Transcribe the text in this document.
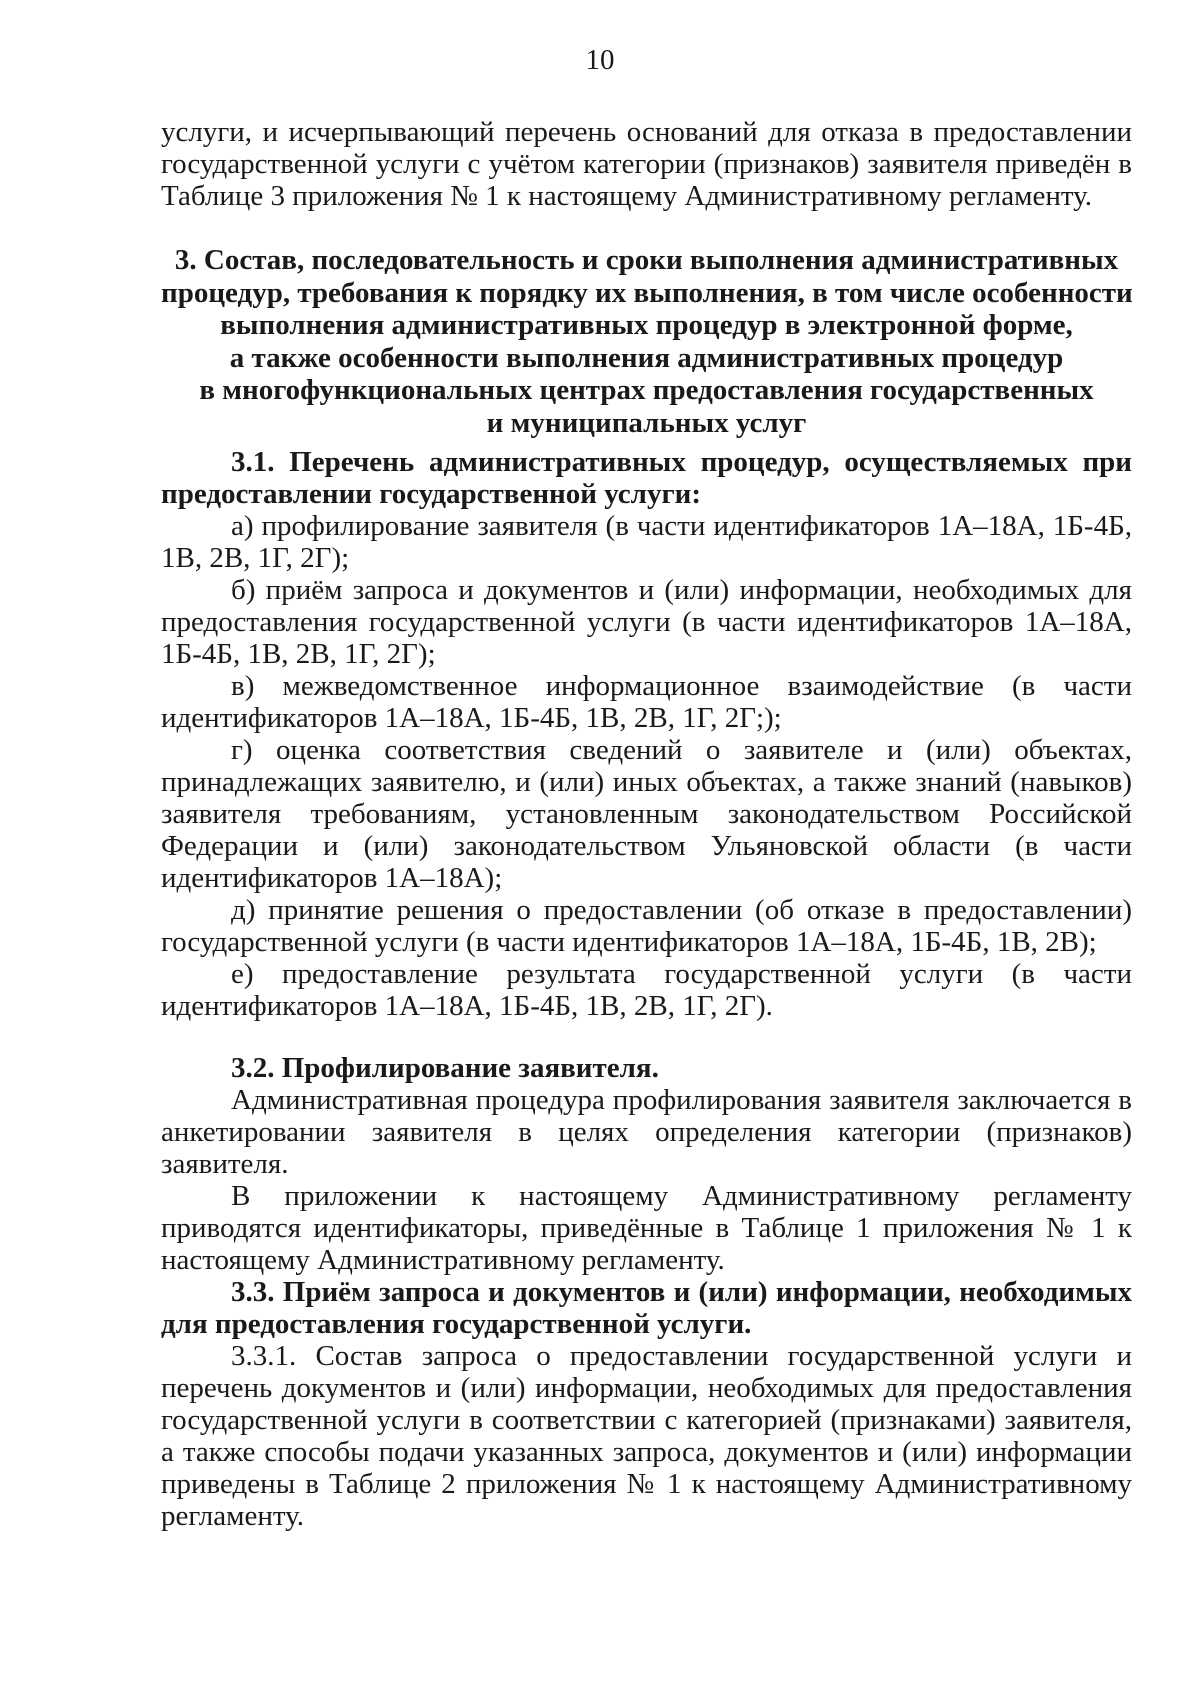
10
услуги, и исчерпывающий перечень оснований для отказа в предоставлении государственной услуги с учётом категории (признаков) заявителя приведён в Таблице 3 приложения № 1 к настоящему Административному регламенту.
3. Состав, последовательность и сроки выполнения административных
процедур, требования к порядку их выполнения, в том числе особенности
выполнения административных процедур в электронной форме,
а также особенности выполнения административных процедур
в многофункциональных центрах предоставления государственных
и муниципальных услуг
3.1. Перечень административных процедур, осуществляемых при предоставлении государственной услуги:

а) профилирование заявителя (в части идентификаторов 1А–18А, 1Б-4Б, 1В, 2В, 1Г, 2Г);

б) приём запроса и документов и (или) информации, необходимых для предоставления государственной услуги (в части идентификаторов 1А–18А, 1Б-4Б, 1В, 2В, 1Г, 2Г);

в) межведомственное информационное взаимодействие (в части идентификаторов 1А–18А, 1Б-4Б, 1В, 2В, 1Г, 2Г;);

г) оценка соответствия сведений о заявителе и (или) объектах, принадлежащих заявителю, и (или) иных объектах, а также знаний (навыков) заявителя требованиям, установленным законодательством Российской Федерации и (или) законодательством Ульяновской области (в части идентификаторов 1А–18А);

д) принятие решения о предоставлении (об отказе в предоставлении) государственной услуги (в части идентификаторов 1А–18А, 1Б-4Б, 1В, 2В);

е) предоставление результата государственной услуги (в части идентификаторов 1А–18А, 1Б-4Б, 1В, 2В, 1Г, 2Г).

3.2. Профилирование заявителя.
Административная процедура профилирования заявителя заключается в анкетировании заявителя в целях определения категории (признаков) заявителя.
В приложении к настоящему Административному регламенту приводятся идентификаторы, приведённые в Таблице 1 приложения № 1 к настоящему Административному регламенту.
3.3. Приём запроса и документов и (или) информации, необходимых для предоставления государственной услуги.
3.3.1. Состав запроса о предоставлении государственной услуги и перечень документов и (или) информации, необходимых для предоставления государственной услуги в соответствии с категорией (признаками) заявителя, а также способы подачи указанных запроса, документов и (или) информации приведены в Таблице 2 приложения № 1 к настоящему Административному регламенту.
